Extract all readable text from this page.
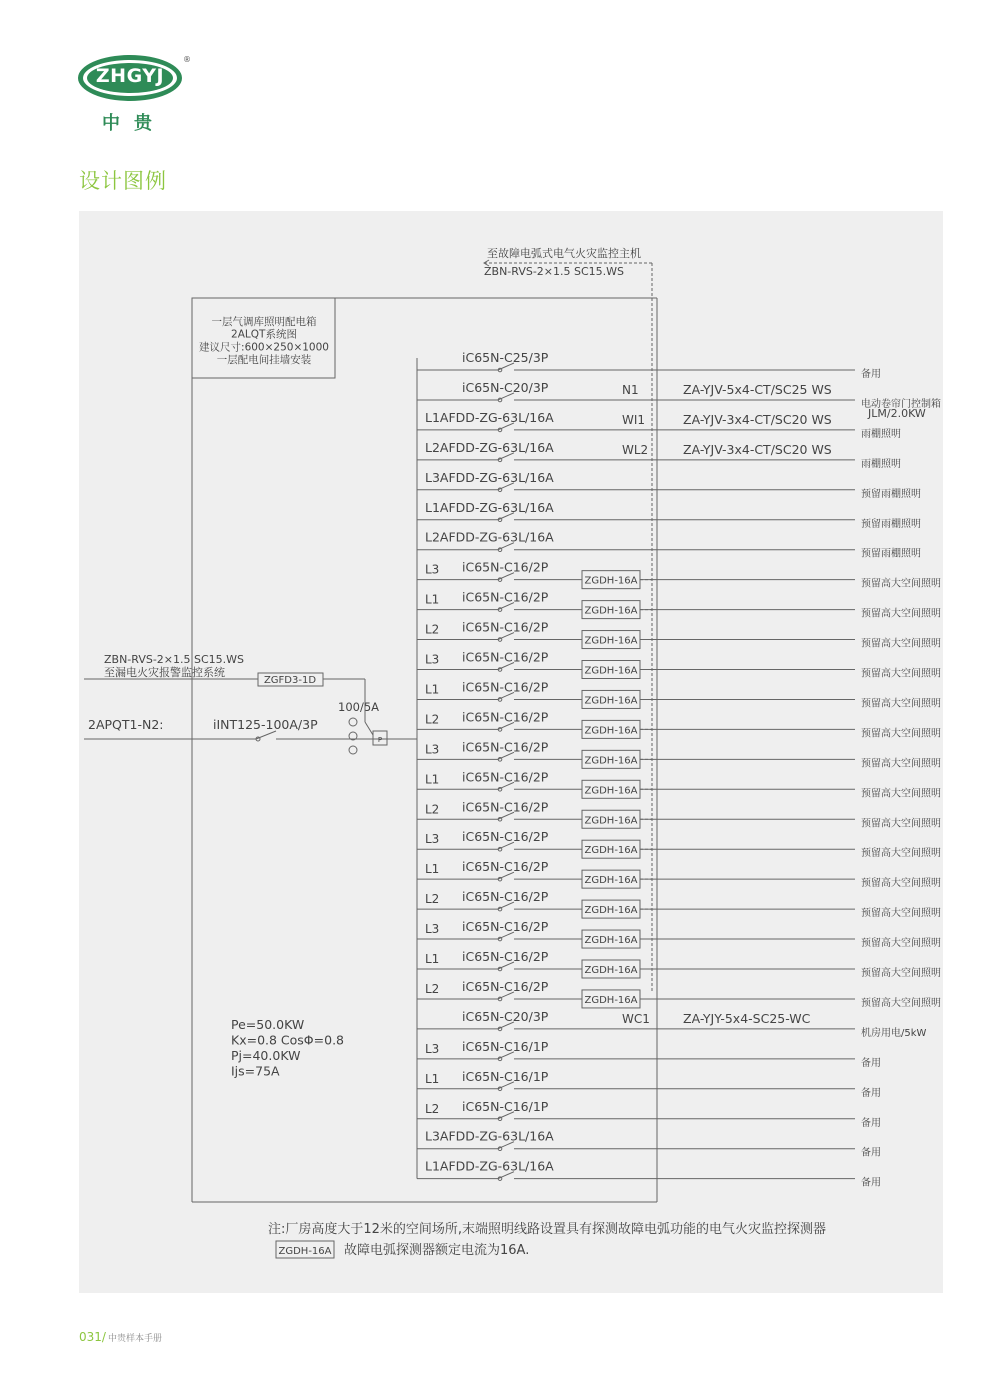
ZHGYJ
®
中贵
设计图例
一层气调库照明配电箱
2ALQT系统图
建议尺寸:600×250×1000
一层配电间挂墙安装
至故障电弧式电气火灾监控主机
ZBN-RVS-2×1.5 SC15.WS
2APQT1-N2:	iINT125-100A/3P
100/5A
P
ZBN-RVS-2×1.5 SC15.WS
至漏电火灾报警监控系统
ZGFD3-1D
Pe=50.0KW
Kx=0.8 CosΦ=0.8
Pj=40.0KW
Ijs=75A
iC65N-C25/3P
备用
iC65N-C20/3P	N1	ZA-YJV-5x4-CT/SC25 WS
电动卷帘门控制箱
JLM/2.0KW
L1AFDD-ZG-63L/16A	WI1	ZA-YJV-3x4-CT/SC20 WS
雨棚照明
L2AFDD-ZG-63L/16A	WL2	ZA-YJV-3x4-CT/SC20 WS
雨棚照明
L3AFDD-ZG-63L/16A
预留雨棚照明
L1AFDD-ZG-63L/16A
预留雨棚照明
L2AFDD-ZG-63L/16A
预留雨棚照明
iC65N-C16/2P
L3
ZGDH-16A	预留高大空间照明
iC65N-C16/2P
L1
ZGDH-16A	预留高大空间照明
iC65N-C16/2P
L2
ZGDH-16A	预留高大空间照明
iC65N-C16/2P
L3
ZGDH-16A	预留高大空间照明
iC65N-C16/2P
L1
ZGDH-16A	预留高大空间照明
iC65N-C16/2P
L2
ZGDH-16A	预留高大空间照明
iC65N-C16/2P
L3
ZGDH-16A	预留高大空间照明
iC65N-C16/2P
L1
ZGDH-16A	预留高大空间照明
iC65N-C16/2P
L2
ZGDH-16A	预留高大空间照明
iC65N-C16/2P
L3
ZGDH-16A	预留高大空间照明
iC65N-C16/2P
L1
ZGDH-16A	预留高大空间照明
iC65N-C16/2P
L2
ZGDH-16A	预留高大空间照明
iC65N-C16/2P
L3
ZGDH-16A	预留高大空间照明
iC65N-C16/2P
L1
ZGDH-16A	预留高大空间照明
iC65N-C16/2P
L2
ZGDH-16A	预留高大空间照明
iC65N-C20/3P	WC1	ZA-YJY-5x4-SC25-WC
机房用电/5kW
iC65N-C16/1P
L3
备用
iC65N-C16/1P
L1
备用
iC65N-C16/1P
L2
备用
L3AFDD-ZG-63L/16A
备用
L1AFDD-ZG-63L/16A
备用
注:厂房高度大于12米的空间场所,末端照明线路设置具有探测故障电弧功能的电气火灾监控探测器
ZGDH-16A 故障电弧探测器额定电流为16A.
031/ 中贵样本手册
